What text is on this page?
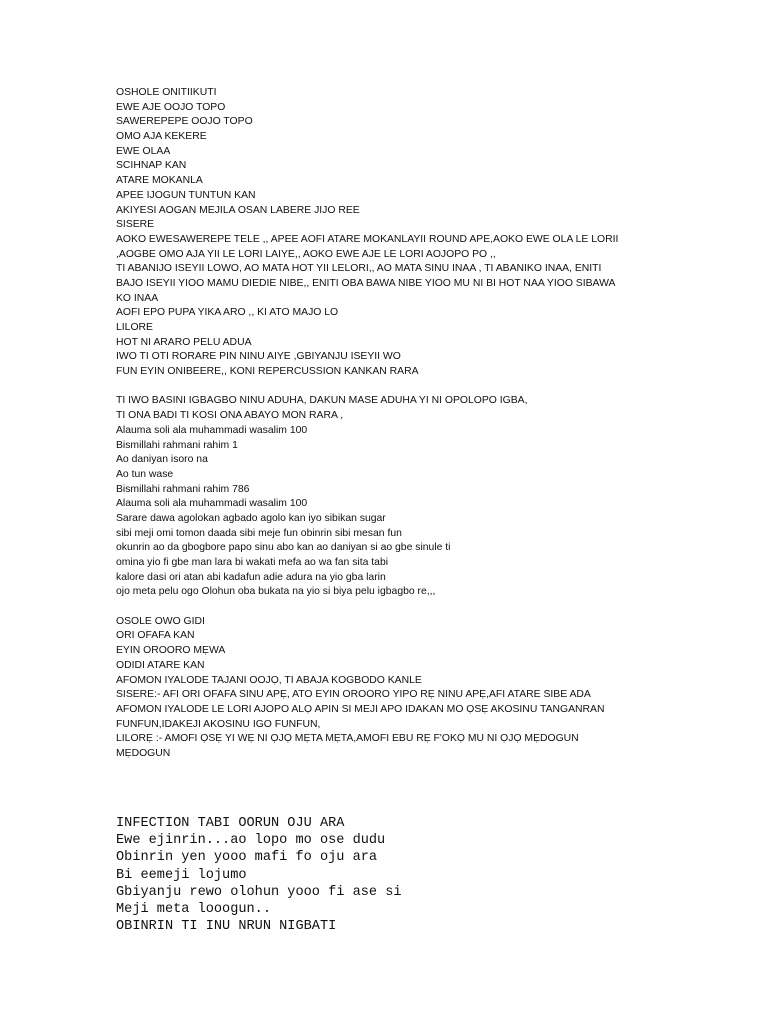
OSHOLE ONITIIKUTI
EWE AJE OOJO TOPO
SAWEREPEPE OOJO TOPO
OMO AJA KEKERE
EWE OLAA
SCIHNAP KAN
ATARE MOKANLA
APEE IJOGUN TUNTUN KAN
AKIYESI AOGAN MEJILA OSAN LABERE JIJO REE
SISERE
AOKO EWESAWEREPE TELE ,, APEE AOFI ATARE MOKANLAYII ROUND APE,AOKO EWE OLA LE LORII
,AOGBE OMO AJA YII LE LORI LAIYE,, AOKO EWE AJE LE LORI AOJOPO PO ,,
TI ABANIJO ISEYII LOWO, AO MATA HOT YII LELORI,, AO MATA SINU INAA , TI ABANIKO INAA, ENITI
BAJO ISEYII YIOO MAMU DIEDIE NIBE,, ENITI OBA BAWA NIBE YIOO MU NI BI HOT NAA YIOO SIBAWA
KO INAA
AOFI EPO PUPA YIKA ARO ,, KI ATO MAJO LO
LILORE
HOT NI ARARO PELU ADUA
IWO TI OTI RORARE PIN NINU AIYE ,GBIYANJU ISEYII WO
FUN EYIN ONIBEERE,, KONI REPERCUSSION KANKAN RARA
TI IWO BASINI IGBAGBO NINU ADUHA, DAKUN MASE ADUHA YI NI OPOLOPO IGBA,
TI ONA BADI TI KOSI ONA ABAYO MON RARA ,
Alauma soli ala muhammadi wasalim 100
Bismillahi rahmani rahim 1
Ao daniyan isoro na
Ao tun wase
Bismillahi rahmani rahim 786
Alauma soli ala muhammadi wasalim 100
Sarare dawa agolokan agbado agolo kan iyo sibikan sugar
sibi meji omi tomon daada sibi meje fun obinrin sibi mesan fun
okunrin ao da gbogbore papo sinu abo kan ao daniyan si ao gbe sinule ti
omina yio fi gbe man lara bi wakati mefa ao wa fan sita tabi
kalore dasi ori atan abi kadafun adie adura na yio gba larin
ojo meta pelu ogo Olohun oba bukata na yio si biya pelu igbagbo re,,,
OSOLE OWO GIDI
ORI OFAFA KAN
EYIN OROORO MẸWA
ODIDI ATARE KAN
AFOMON IYALODE TAJANI OOJỌ, TI ABAJA KOGBODO KANLE
SISERE:- AFI ORI OFAFA SINU APẸ, ATO EYIN OROORO YIPO RẸ NINU APẸ,AFI ATARE SIBE ADA
AFOMON IYALODE LE LORI AJOPO ALỌ APIN SI MEJI APO IDAKAN MO ỌSẸ AKOSINU TANGANRAN
FUNFUN,IDAKEJI AKOSINU IGO FUNFUN,
LILORẸ :- AMOFI ỌSẸ YI WẸ NI ỌJỌ MẸTA MẸTA,AMOFI EBU RẸ F'OKỌ MU NI ỌJỌ MẸDOGUN
MẸDOGUN
INFECTION TABI OORUN OJU ARA
Ewe ejinrin...ao lopo mo ose dudu
Obinrin yen yooo mafi fo oju ara
Bi eemeji lojumo
Gbiyanju rewo olohun yooo fi ase si
Meji meta looogun..
OBINRIN TI INU NRUN NIGBATI
